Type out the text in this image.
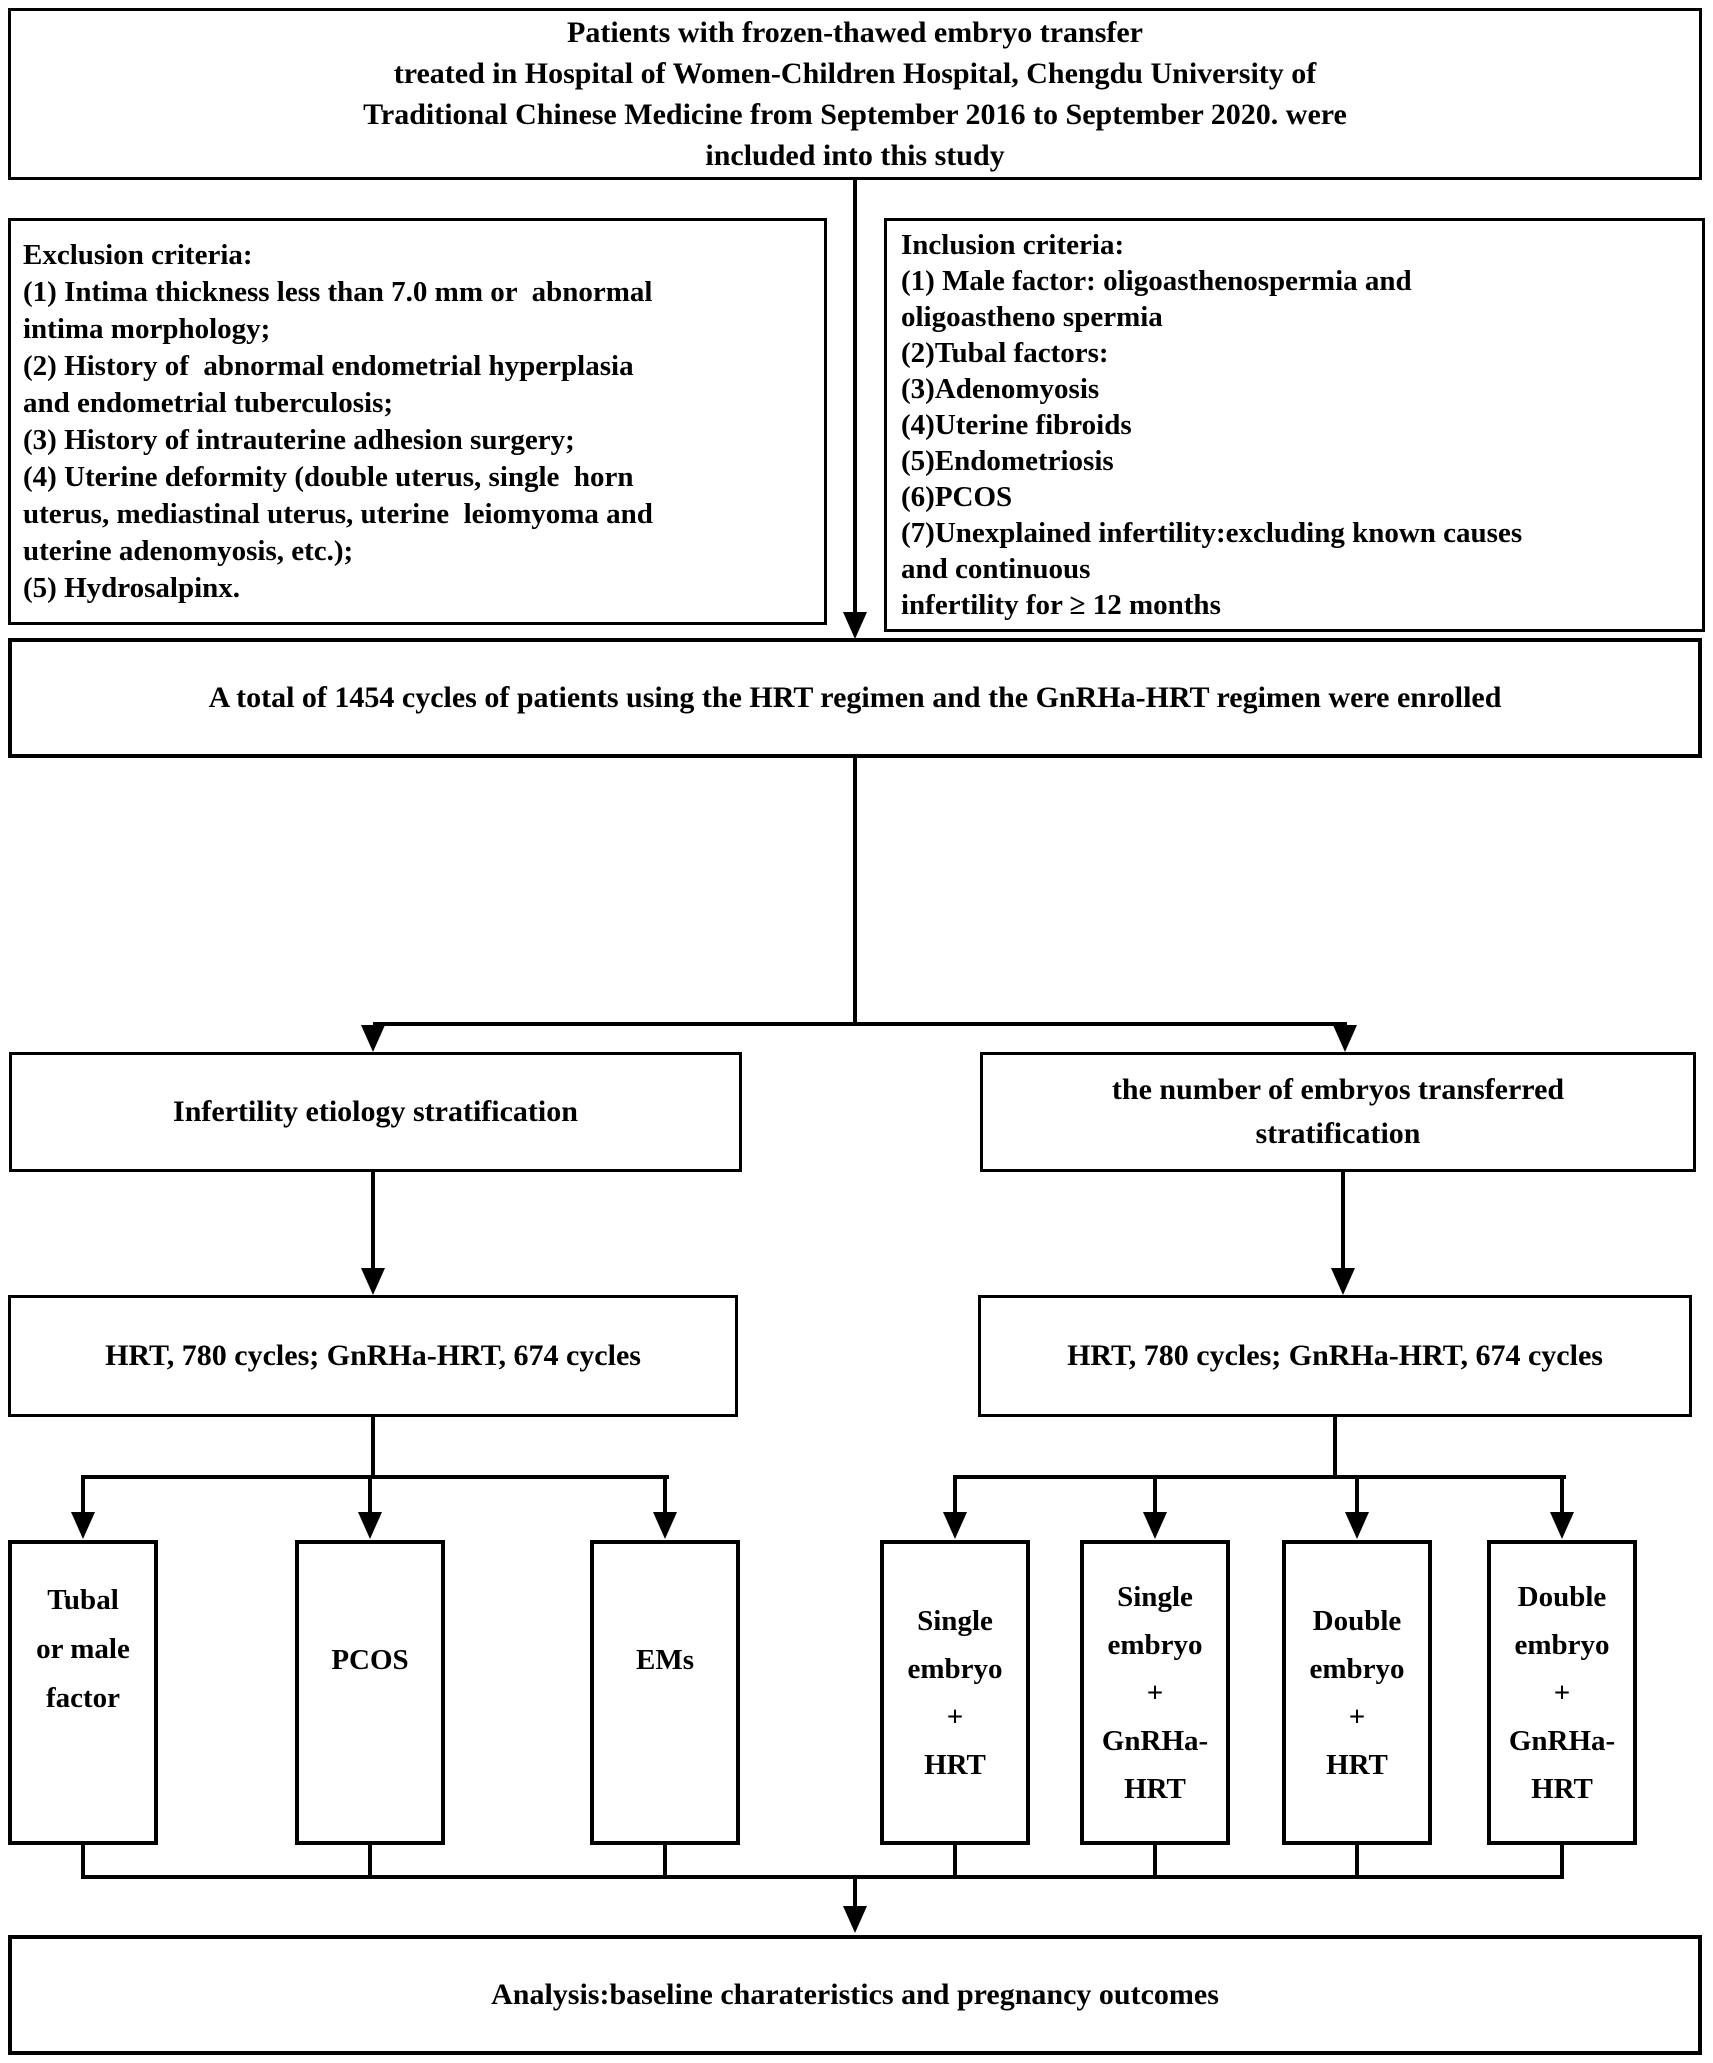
Patients with frozen-thawed embryo transfer
treated in Hospital of Women-Children Hospital, Chengdu University of
Traditional Chinese Medicine from September 2016 to September 2020. were
included into this study
Exclusion criteria:
(1) Intima thickness less than 7.0 mm or  abnormal
intima morphology;
(2) History of  abnormal endometrial hyperplasia
and endometrial tuberculosis;
(3) History of intrauterine adhesion surgery;
(4) Uterine deformity (double uterus, single  horn
uterus, mediastinal uterus, uterine  leiomyoma and
uterine adenomyosis, etc.);
(5) Hydrosalpinx.
Inclusion criteria:
(1) Male factor: oligoasthenospermia and
oligoastheno spermia
(2)Tubal factors:
(3)Adenomyosis
(4)Uterine fibroids
(5)Endometriosis
(6)PCOS
(7)Unexplained infertility:excluding known causes
and continuous
infertility for ≥ 12 months
A total of 1454 cycles of patients using the HRT regimen and the GnRHa-HRT regimen were enrolled
Infertility etiology stratification
the number of embryos transferred
stratification
HRT, 780 cycles; GnRHa-HRT, 674 cycles	HRT, 780 cycles; GnRHa-HRT, 674 cycles
Tubal
or male
factor
PCOS	EMs
Single
embryo
+
HRT
Single
embryo
+
GnRHa-
HRT
Double
embryo
+
HRT
Double
embryo
+
GnRHa-
HRT
Analysis:baseline charateristics and pregnancy outcomes
